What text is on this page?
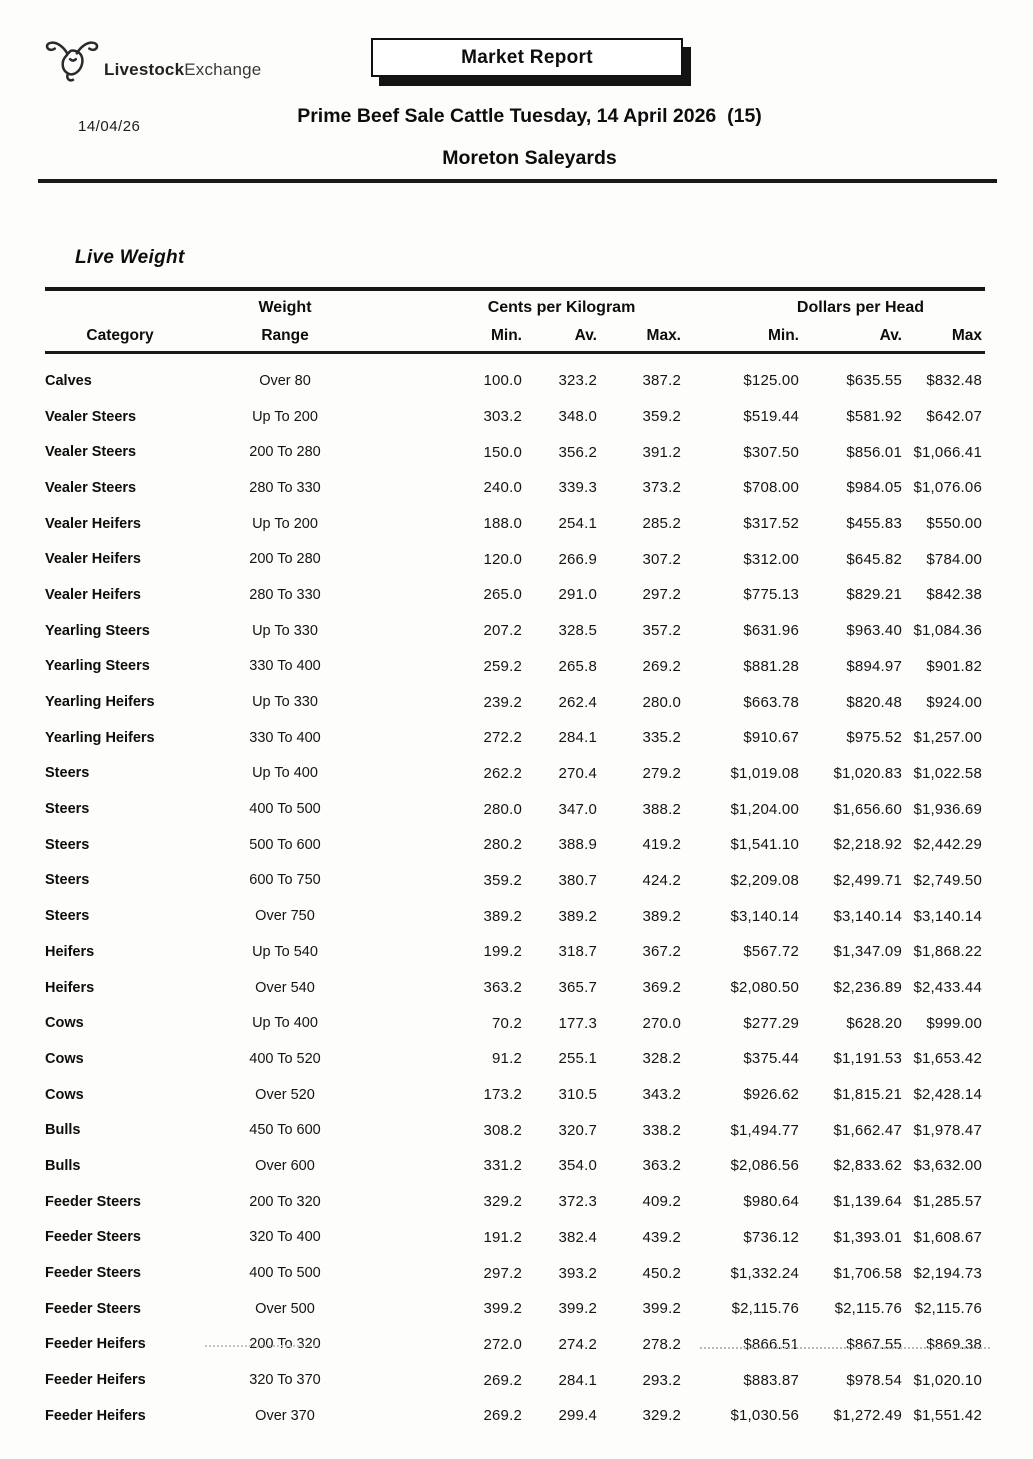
LivestockExchange
Market Report
14/04/26	Prime Beef Sale Cattle Tuesday, 14 April 2026  (15)
Moreton Saleyards
Live Weight
Weight	Cents per Kilogram	Dollars per Head
Category	Range	Min.	Av.	Max.	Min.	Av.	Max
Calves	Over 80	100.0	323.2	387.2	$125.00	$635.55	$832.48
Vealer Steers	Up To 200	303.2	348.0	359.2	$519.44	$581.92	$642.07
Vealer Steers	200 To 280	150.0	356.2	391.2	$307.50	$856.01 $1,066.41
Vealer Steers	280 To 330	240.0	339.3	373.2	$708.00	$984.05 $1,076.06
Vealer Heifers	Up To 200	188.0	254.1	285.2	$317.52	$455.83	$550.00
Vealer Heifers	200 To 280	120.0	266.9	307.2	$312.00	$645.82	$784.00
Vealer Heifers	280 To 330	265.0	291.0	297.2	$775.13	$829.21	$842.38
Yearling Steers	Up To 330	207.2	328.5	357.2	$631.96	$963.40 $1,084.36
Yearling Steers	330 To 400	259.2	265.8	269.2	$881.28	$894.97	$901.82
Yearling Heifers	Up To 330	239.2	262.4	280.0	$663.78	$820.48	$924.00
Yearling Heifers	330 To 400	272.2	284.1	335.2	$910.67	$975.52 $1,257.00
Steers	Up To 400	262.2	270.4	279.2	$1,019.08	$1,020.83 $1,022.58
Steers	400 To 500	280.0	347.0	388.2	$1,204.00	$1,656.60 $1,936.69
Steers	500 To 600	280.2	388.9	419.2	$1,541.10	$2,218.92 $2,442.29
Steers	600 To 750	359.2	380.7	424.2	$2,209.08	$2,499.71 $2,749.50
Steers	Over 750	389.2	389.2	389.2	$3,140.14	$3,140.14 $3,140.14
Heifers	Up To 540	199.2	318.7	367.2	$567.72	$1,347.09 $1,868.22
Heifers	Over 540	363.2	365.7	369.2	$2,080.50	$2,236.89 $2,433.44
Cows	Up To 400	70.2	177.3	270.0	$277.29	$628.20	$999.00
Cows	400 To 520	91.2	255.1	328.2	$375.44	$1,191.53 $1,653.42
Cows	Over 520	173.2	310.5	343.2	$926.62	$1,815.21 $2,428.14
Bulls	450 To 600	308.2	320.7	338.2	$1,494.77	$1,662.47 $1,978.47
Bulls	Over 600	331.2	354.0	363.2	$2,086.56	$2,833.62 $3,632.00
Feeder Steers	200 To 320	329.2	372.3	409.2	$980.64	$1,139.64 $1,285.57
Feeder Steers	320 To 400	191.2	382.4	439.2	$736.12	$1,393.01 $1,608.67
Feeder Steers	400 To 500	297.2	393.2	450.2	$1,332.24	$1,706.58 $2,194.73
Feeder Steers	Over 500	399.2	399.2	399.2	$2,115.76	$2,115.76 $2,115.76
Feeder Heifers	200 To 320	272.0	274.2	278.2	$866.51	$867.55	$869.38
Feeder Heifers	320 To 370	269.2	284.1	293.2	$883.87	$978.54 $1,020.10
Feeder Heifers	Over 370	269.2	299.4	329.2	$1,030.56	$1,272.49 $1,551.42
